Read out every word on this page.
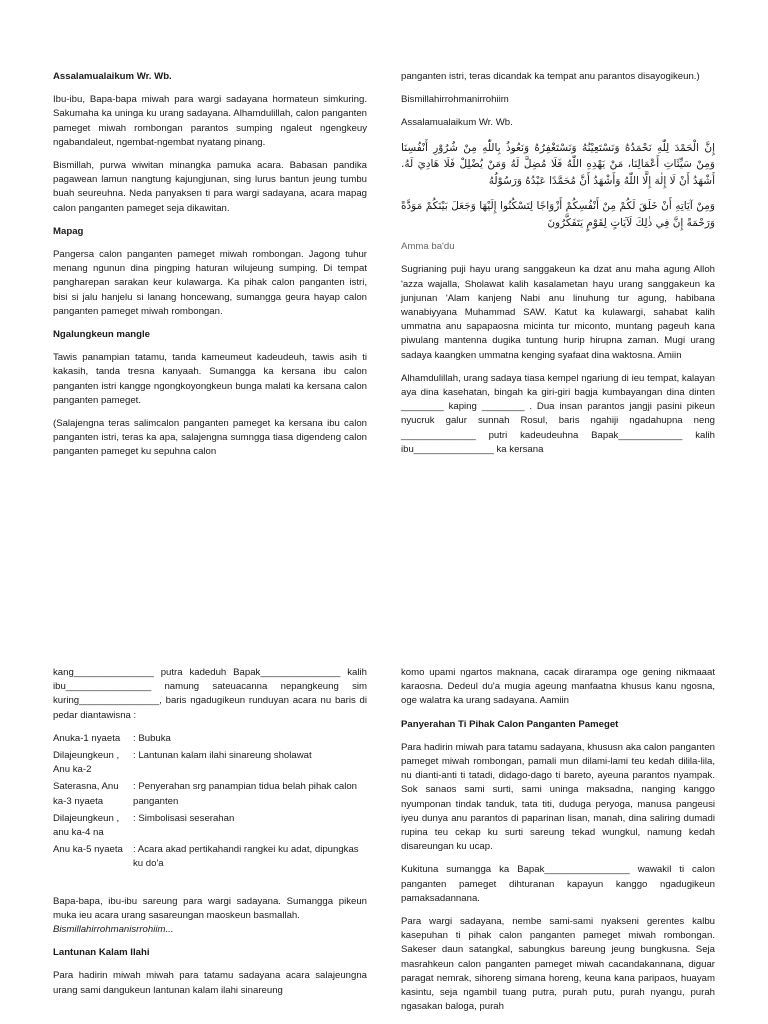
Assalamualaikum Wr. Wb.

Ibu-ibu, Bapa-bapa miwah para wargi sadayana hormateun simkuring. Sakumaha ka uninga ku urang sadayana. Alhamdulillah, calon panganten pameget miwah rombongan parantos sumping ngaleut ngengkeuy ngabandaleut, ngembat-ngembat nyatang pinang.

Bismillah, purwa wiwitan minangka pamuka acara. Babasan pandika pagawean lamun nangtung kajungjunan, sing lurus bantun jeung tumbu buah seureuhna. Neda panyaksen ti para wargi sadayana, acara mapag calon panganten pameget seja dikawitan.

Mapag

Pangersa calon panganten pameget miwah rombongan. Jagong tuhur menang ngunun dina pingping haturan wilujeung sumping. Di tempat pangharepan sarakan keur kulawarga. Ka pihak calon panganten istri, bisi si jalu hanjelu si lanang honcewang, sumangga geura hayap calon panganten pameget miwah rombongan.

Ngalungkeun mangle

Tawis panampian tatamu, tanda kameumeut kadeudeuh, tawis asih ti kakasih, tanda tresna kanyaah. Sumangga ka kersana ibu calon panganten istri kangge ngongkoyongkeun bunga malati ka kersana calon panganten pameget.

(Salajengna teras salimcalon panganten pameget ka kersana ibu calon panganten istri, teras ka apa, salajengna sumngga tiasa digendeng calon panganten pameget ku sepuhna calon

panganten istri, teras dicandak ka tempat anu parantos disayogikeun.)

Bismillahirrohmanirrohiim

Assalamualaikum Wr. Wb.

إِنَّ الْحَمْدَ لِلّٰهِ نَحْمَدُهُ وَنَسْتَعِيْنُهُ وَنَسْتَغْفِرُهُ وَنَعُوذُ بِاللّٰهِ مِنْ شُرُوْرِ أَنْفُسِنَا وَمِنْ سَيِّئَاتِ أَعْمَالِنَا، مَنْ يَهْدِهِ اللّٰهُ فَلَا مُضِلَّ لَهُ وَمَنْ يُضْلِلْ فَلَا هَادِيَ لَهُ. أَشْهَدُ أَنْ لَا إِلٰهَ إِلَّا اللّٰهُ وَأَشْهَدُ أَنَّ مُحَمَّدًا عَبْدُهُ وَرَسُوْلُهُ

وَمِنْ آيَاتِهِ أَنْ خَلَقَ لَكُمْ مِنْ أَنْفُسِكُمْ أَزْوَاجًا لِتَسْكُنُوا إِلَيْهَا وَجَعَلَ بَيْنَكُمْ مَوَدَّةً وَرَحْمَةً إِنَّ فِي ذٰلِكَ لَآيَاتٍ لِقَوْمٍ يَتَفَكَّرُونَ

Amma ba'du

Sugrianing puji hayu urang sanggakeun ka dzat anu maha agung Alloh 'azza wajalla, Sholawat kalih kasalametan hayu urang sanggakeun ka junjunan 'Alam kanjeng Nabi anu linuhung tur agung, habibana wanabiyyana Muhammad SAW. Katut ka kulawargi, sahabat kalih ummatna anu sapapaosna micinta tur miconto, muntang pageuh kana piwulang mantenna dugika tuntung hurip hirupna zaman. Mugi urang sadaya kaangken ummatna kenging syafaat dina waktosna. Amiin

Alhamdulillah, urang sadaya tiasa kempel ngariung di ieu tempat, kalayan aya dina kasehatan, bingah ka giri-giri bagja kumbayangan dina dinten ________ kaping ________ . Dua insan parantos jangji pasini pikeun nyucruk galur sunnah Rosul, baris ngahiji ngadahupna neng ______________ putri kadeudeuhna Bapak____________ kalih ibu_______________ ka kersana

kang_______________ putra kadeduh Bapak_______________ kalih ibu________________ namung sateuacanna nepangkeung sim kuring_______________, baris ngadugikeun runduyan acara nu baris di pedar diantawisna :

Anuka-1 nyaeta	: Bubuka
Dilajeungkeun , Anu ka-2
: Lantunan kalam ilahi sinareung sholawat
Saterasna, Anu ka-3 nyaeta
: Penyerahan srg panampian tidua belah pihak calon panganten
Dilajeungkeun , anu ka-4 na
: Simbolisasi seserahan
Anu ka-5 nyaeta	: Acara akad pertikahandi rangkei ku adat, dipungkas ku do'a

Bapa-bapa, ibu-ibu sareung para wargi sadayana. Sumangga pikeun muka ieu acara urang sasareungan maoskeun basmallah.

Bismillahirrohmanisrrohiim...

Lantunan Kalam Ilahi

Para hadirin miwah miwah para tatamu sadayana acara salajeungna urang sami dangukeun lantunan kalam ilahi sinareung

komo upami ngartos maknana, cacak dirarampa oge gening nikmaaat karaosna. Dedeul du'a mugia ageung manfaatna khusus kanu ngosna, oge walatra ka urang sadayana. Aamiin

Panyerahan Ti Pihak Calon Panganten Pameget

Para hadirin miwah para tatamu sadayana, khususn aka calon panganten pameget miwah rombongan, pamali mun dilami-lami teu kedah dilila-lila, nu dianti-anti ti tatadi, didago-dago ti bareto, ayeuna parantos nyampak. Sok sanaos sami surti, sami uninga maksadna, nanging kanggo nyumponan tindak tanduk, tata titi, duduga peryoga, manusa pangeusi iyeu dunya anu parantos di paparinan lisan, manah, dina saliring dumadi rupina teu cekap ku surti sareung tekad wungkul, namung kedah disareungan ku ucap.

Kukituna sumangga ka Bapak________________ wawakil ti calon panganten pameget dihturanan kapayun kanggo ngadugikeun pamaksadannana.

Para wargi sadayana, nembe sami-sami nyakseni gerentes kalbu kasepuhan ti pihak calon panganten pameget miwah rombongan. Sakeser daun satangkal, sabungkus bareung jeung bungkusna. Seja masrahkeun calon panganten pameget miwah cacandakannana, diguar paragat nemrak, sihoreng simana horeng, keuna kana paripaos, huayam kasintu, seja ngambil tuang putra, purah putu, purah nyangu, purah ngasakan baloga, purah
